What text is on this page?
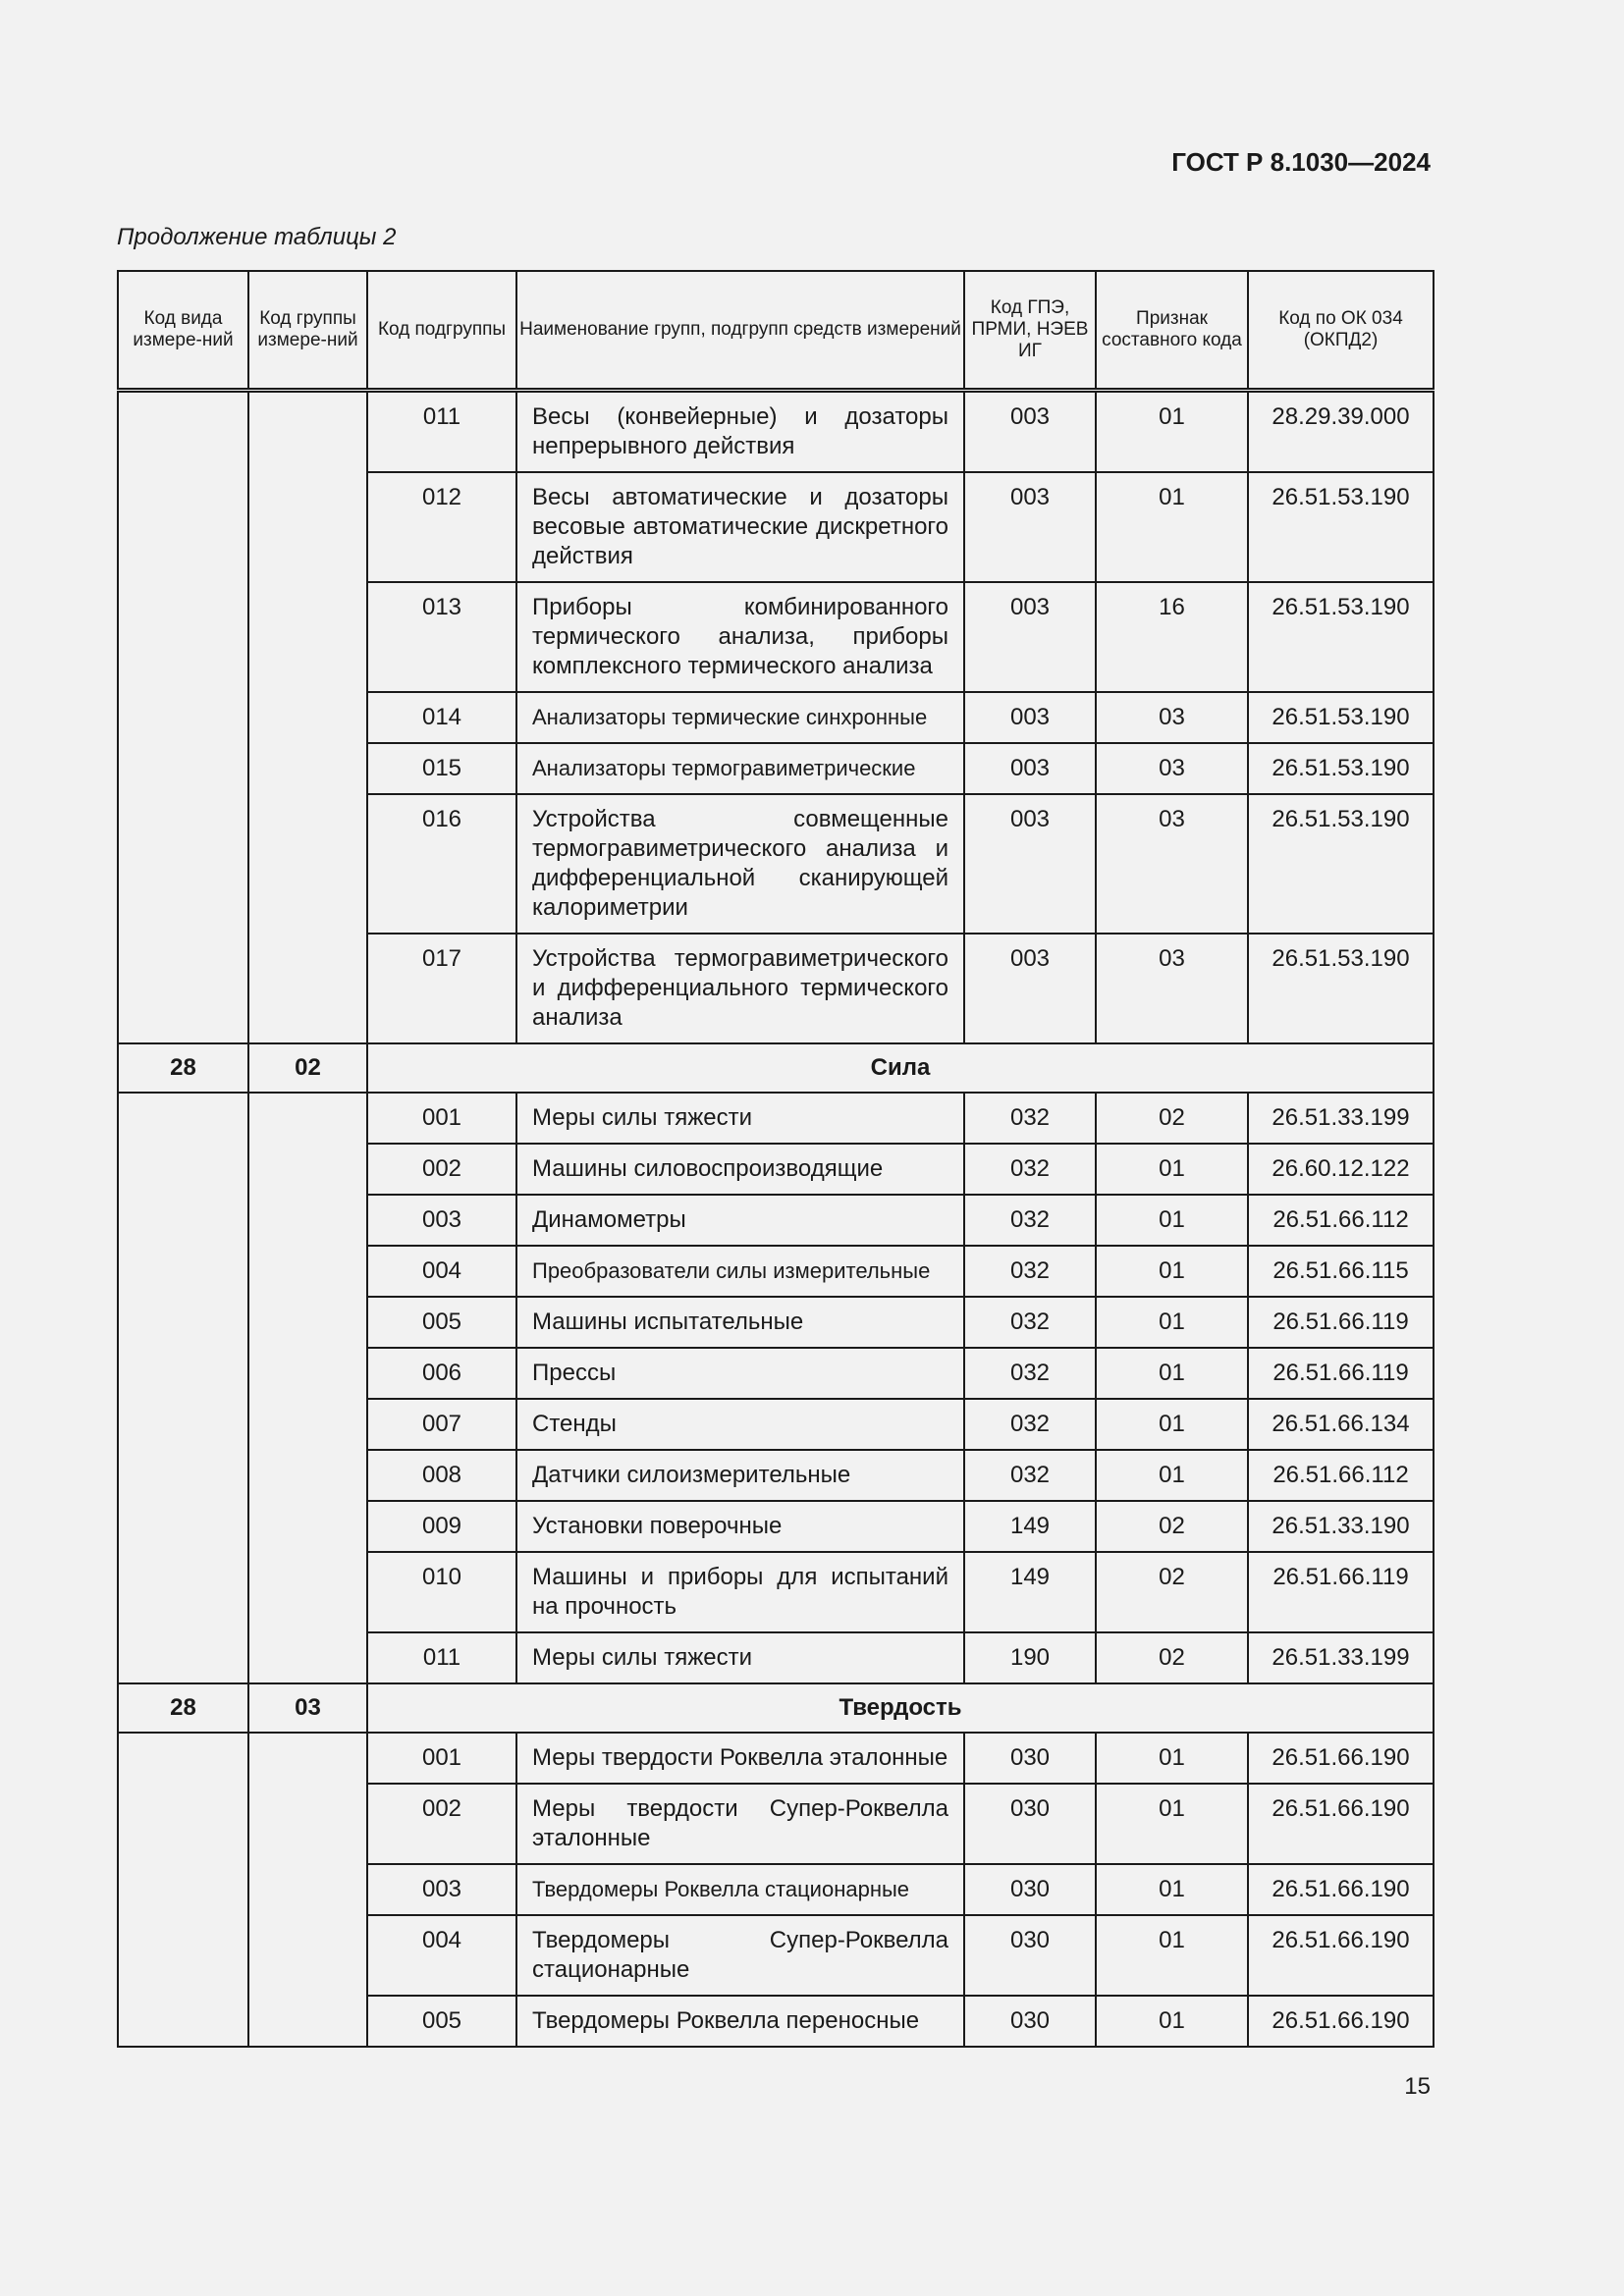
ГОСТ Р 8.1030—2024
Продолжение таблицы 2
Код вида измере-ний	Код группы измере-ний	Код подгруппы	Наименование групп, подгрупп средств измерений	Код ГПЭ, ПРМИ, НЭЕВ ИГ	Признак составного кода	Код по ОК 034 (ОКПД2)
		011	Весы (конвейерные) и дозаторы непрерывного действия	003	01	28.29.39.000
		012	Весы автоматические и дозаторы весовые автоматические дискретного действия	003	01	26.51.53.190
		013	Приборы комбинированного термического анализа, приборы комплексного термического анализа	003	16	26.51.53.190
		014	Анализаторы термические синхронные	003	03	26.51.53.190
		015	Анализаторы термогравиметрические	003	03	26.51.53.190
		016	Устройства совмещенные термогравиметрического анализа и дифференциальной сканирующей калориметрии	003	03	26.51.53.190
		017	Устройства термогравиметрического и дифференциального термического анализа	003	03	26.51.53.190
28	02	Сила				
		001	Меры силы тяжести	032	02	26.51.33.199
		002	Машины силовоспроизводящие	032	01	26.60.12.122
		003	Динамометры	032	01	26.51.66.112
		004	Преобразователи силы измерительные	032	01	26.51.66.115
		005	Машины испытательные	032	01	26.51.66.119
		006	Прессы	032	01	26.51.66.119
		007	Стенды	032	01	26.51.66.134
		008	Датчики силоизмерительные	032	01	26.51.66.112
		009	Установки поверочные	149	02	26.51.33.190
		010	Машины и приборы для испытаний на прочность	149	02	26.51.66.119
		011	Меры силы тяжести	190	02	26.51.33.199
28	03	Твердость				
		001	Меры твердости Роквелла эталонные	030	01	26.51.66.190
		002	Меры твердости Супер-Роквелла эталонные	030	01	26.51.66.190
		003	Твердомеры Роквелла стационарные	030	01	26.51.66.190
		004	Твердомеры Супер-Роквелла стационарные	030	01	26.51.66.190
		005	Твердомеры Роквелла переносные	030	01	26.51.66.190
15
